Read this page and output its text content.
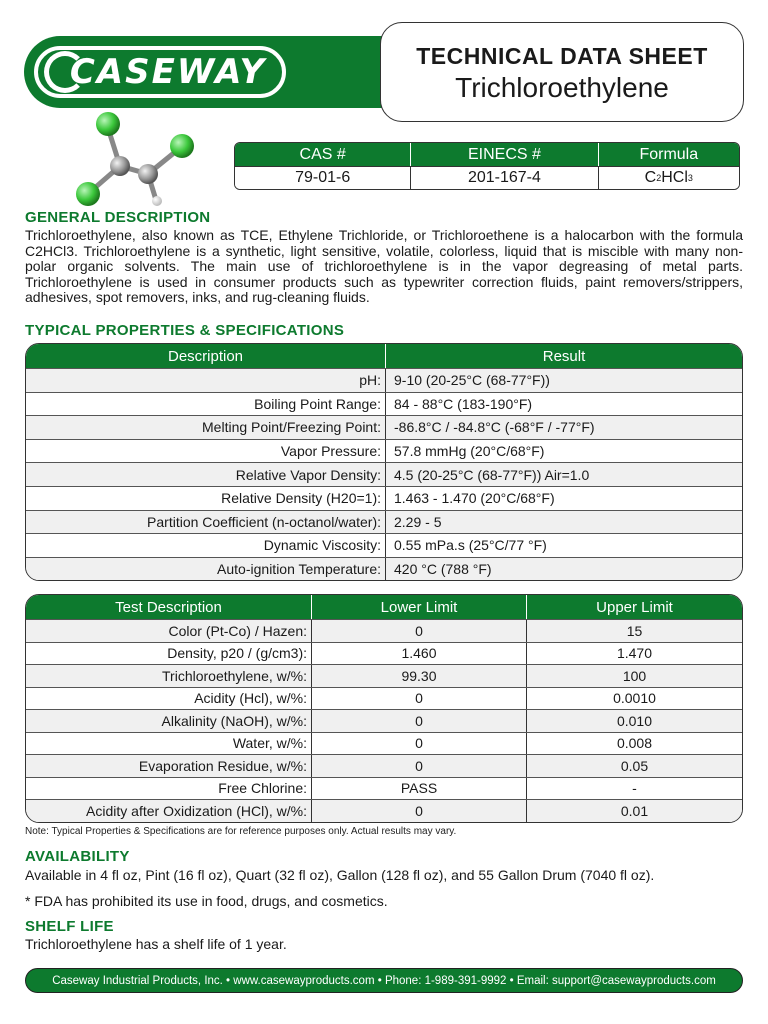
CASEWAY	TECHNICAL DATA SHEET
Trichloroethylene
CAS #	EINECS #	Formula
79-01-6	201-167-4	C 2 HCl 3
GENERAL DESCRIPTION
Trichloroethylene, also known as TCE, Ethylene Trichloride, or Trichloroethene is a halocarbon with the formula C2HCl3. Trichloroethylene is a synthetic, light sensitive, volatile, colorless, liquid that is miscible with many non-polar organic solvents. The main use of trichloroethylene is in the vapor degreasing of metal parts. Trichloroethylene is used in consumer products such as typewriter correction fluids, paint removers/strippers, adhesives, spot removers, inks, and rug-cleaning fluids.
TYPICAL PROPERTIES & SPECIFICATIONS
Description	Result
pH: 9-10 (20-25°C (68-77°F))
Boiling Point Range: 84 - 88°C (183-190°F)
Melting Point/Freezing Point: -86.8°C / -84.8°C (-68°F / -77°F)
Vapor Pressure: 57.8 mmHg (20°C/68°F)
Relative Vapor Density: 4.5 (20-25°C (68-77°F)) Air=1.0
Relative Density (H20=1): 1.463 - 1.470 (20°C/68°F)
Partition Coefficient (n-octanol/water): 2.29 - 5
Dynamic Viscosity: 0.55 mPa.s (25°C/77 °F)
Auto-ignition Temperature: 420 °C (788 °F)
Test Description	Lower Limit	Upper Limit
Color (Pt-Co) / Hazen:	0	15
Density, p20 / (g/cm3):	1.460	1.470
Trichloroethylene, w/%:	99.30	100
Acidity (Hcl), w/%:	0	0.0010
Alkalinity (NaOH), w/%:	0	0.010
Water, w/%:	0	0.008
Evaporation Residue, w/%:	0	0.05
Free Chlorine:	PASS	-
Acidity after Oxidization (HCl), w/%:	0	0.01
Note: Typical Properties & Specifications are for reference purposes only. Actual results may vary.
AVAILABILITY
Available in 4 fl oz, Pint (16 fl oz), Quart (32 fl oz), Gallon (128 fl oz), and 55 Gallon Drum (7040 fl oz).
* FDA has prohibited its use in food, drugs, and cosmetics.
SHELF LIFE
Trichloroethylene has a shelf life of 1 year.
Caseway Industrial Products, Inc. • www.casewayproducts.com • Phone: 1-989-391-9992 • Email: support@casewayproducts.com
